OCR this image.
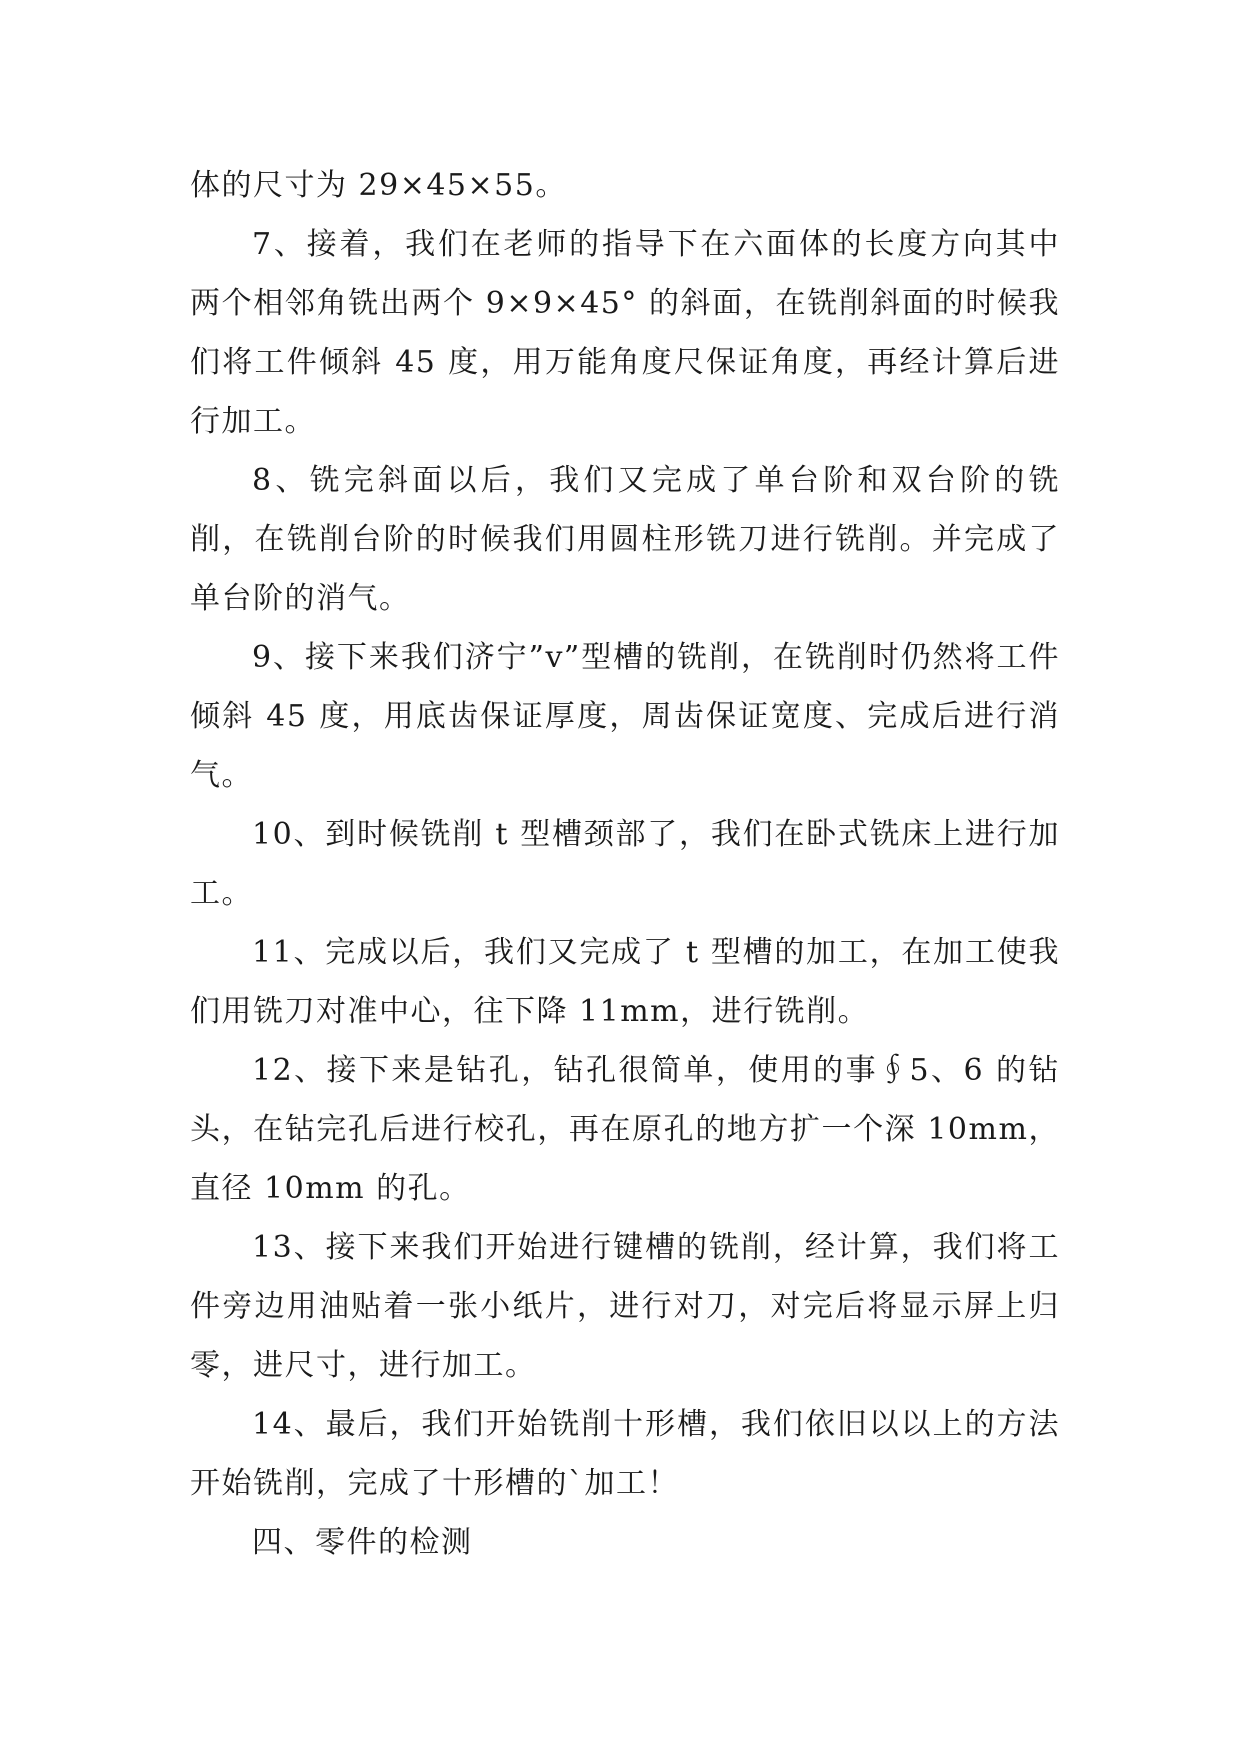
体的尺寸为 29×45×55。

7、接着，我们在老师的指导下在六面体的长度方向其中两个相邻角铣出两个 9×9×45° 的斜面，在铣削斜面的时候我们将工件倾斜 45 度，用万能角度尺保证角度，再经计算后进行加工。

8、铣完斜面以后，我们又完成了单台阶和双台阶的铣削，在铣削台阶的时候我们用圆柱形铣刀进行铣削。并完成了单台阶的消气。

9、接下来我们济宁”v”型槽的铣削，在铣削时仍然将工件倾斜 45 度，用底齿保证厚度，周齿保证宽度、完成后进行消气。

10、到时候铣削 t 型槽颈部了，我们在卧式铣床上进行加工。

11、完成以后，我们又完成了 t 型槽的加工，在加工使我们用铣刀对准中心，往下降 11mm，进行铣削。

12、接下来是钻孔，钻孔很简单，使用的事∮5、6 的钻头，在钻完孔后进行校孔，再在原孔的地方扩一个深 10mm，直径 10mm 的孔。

13、接下来我们开始进行键槽的铣削，经计算，我们将工件旁边用油贴着一张小纸片，进行对刀，对完后将显示屏上归零，进尺寸，进行加工。

14、最后，我们开始铣削十形槽，我们依旧以以上的方法开始铣削，完成了十形槽的`加工！

四、零件的检测
